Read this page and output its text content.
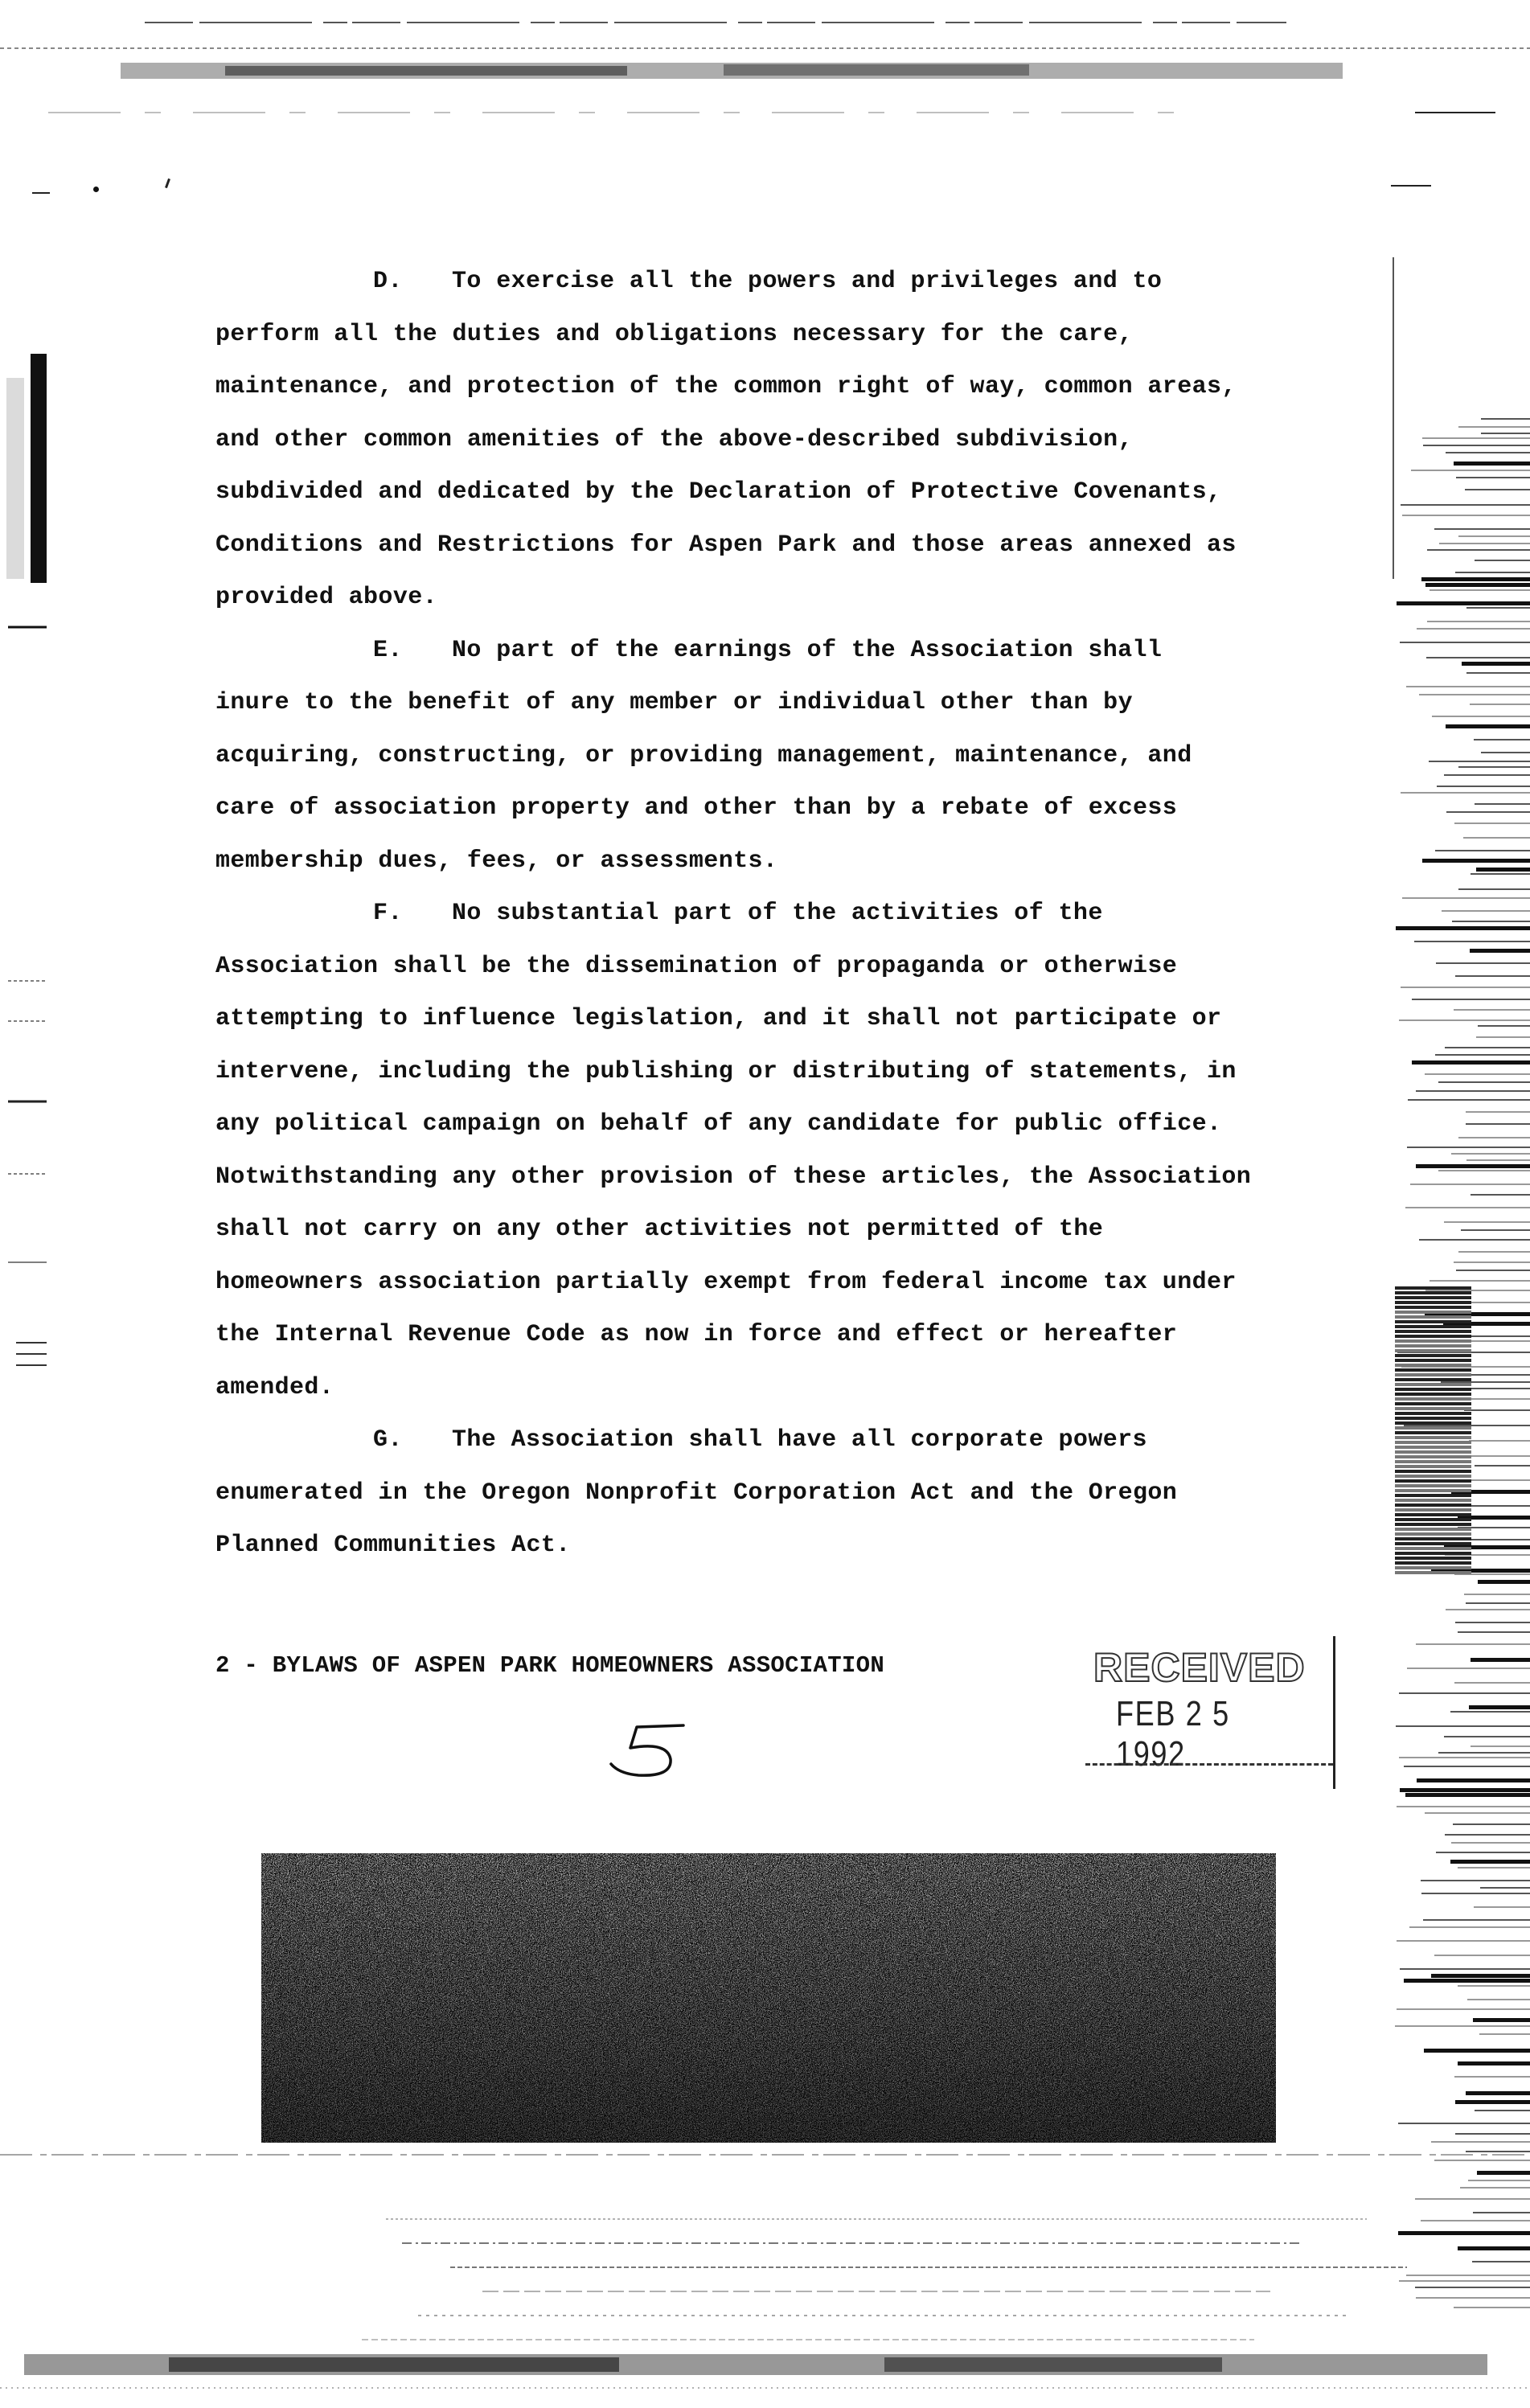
D. To exercise all the powers and privileges and to
perform all the duties and obligations necessary for the care, maintenance, and protection of the common right of way, common areas, and other common amenities of the above-described subdivision, subdivided and dedicated by the Declaration of Protective Covenants, Conditions and Restrictions for Aspen Park and those areas annexed as provided above.

E. No part of the earnings of the Association shall
inure to the benefit of any member or individual other than by acquiring, constructing, or providing management, maintenance, and care of association property and other than by a rebate of excess membership dues, fees, or assessments.

F. No substantial part of the activities of the
Association shall be the dissemination of propaganda or otherwise attempting to influence legislation, and it shall not participate or intervene, including the publishing or distributing of statements, in any political campaign on behalf of any candidate for public office. Notwithstanding any other provision of these articles, the Association shall not carry on any other activities not permitted of the homeowners association partially exempt from federal income tax under the Internal Revenue Code as now in force and effect or hereafter amended.

G. The Association shall have all corporate powers
enumerated in the Oregon Nonprofit Corporation Act and the Oregon Planned Communities Act.

2 - BYLAWS OF ASPEN PARK HOMEOWNERS ASSOCIATION	RECEIVED
FEB 2 5 1992
